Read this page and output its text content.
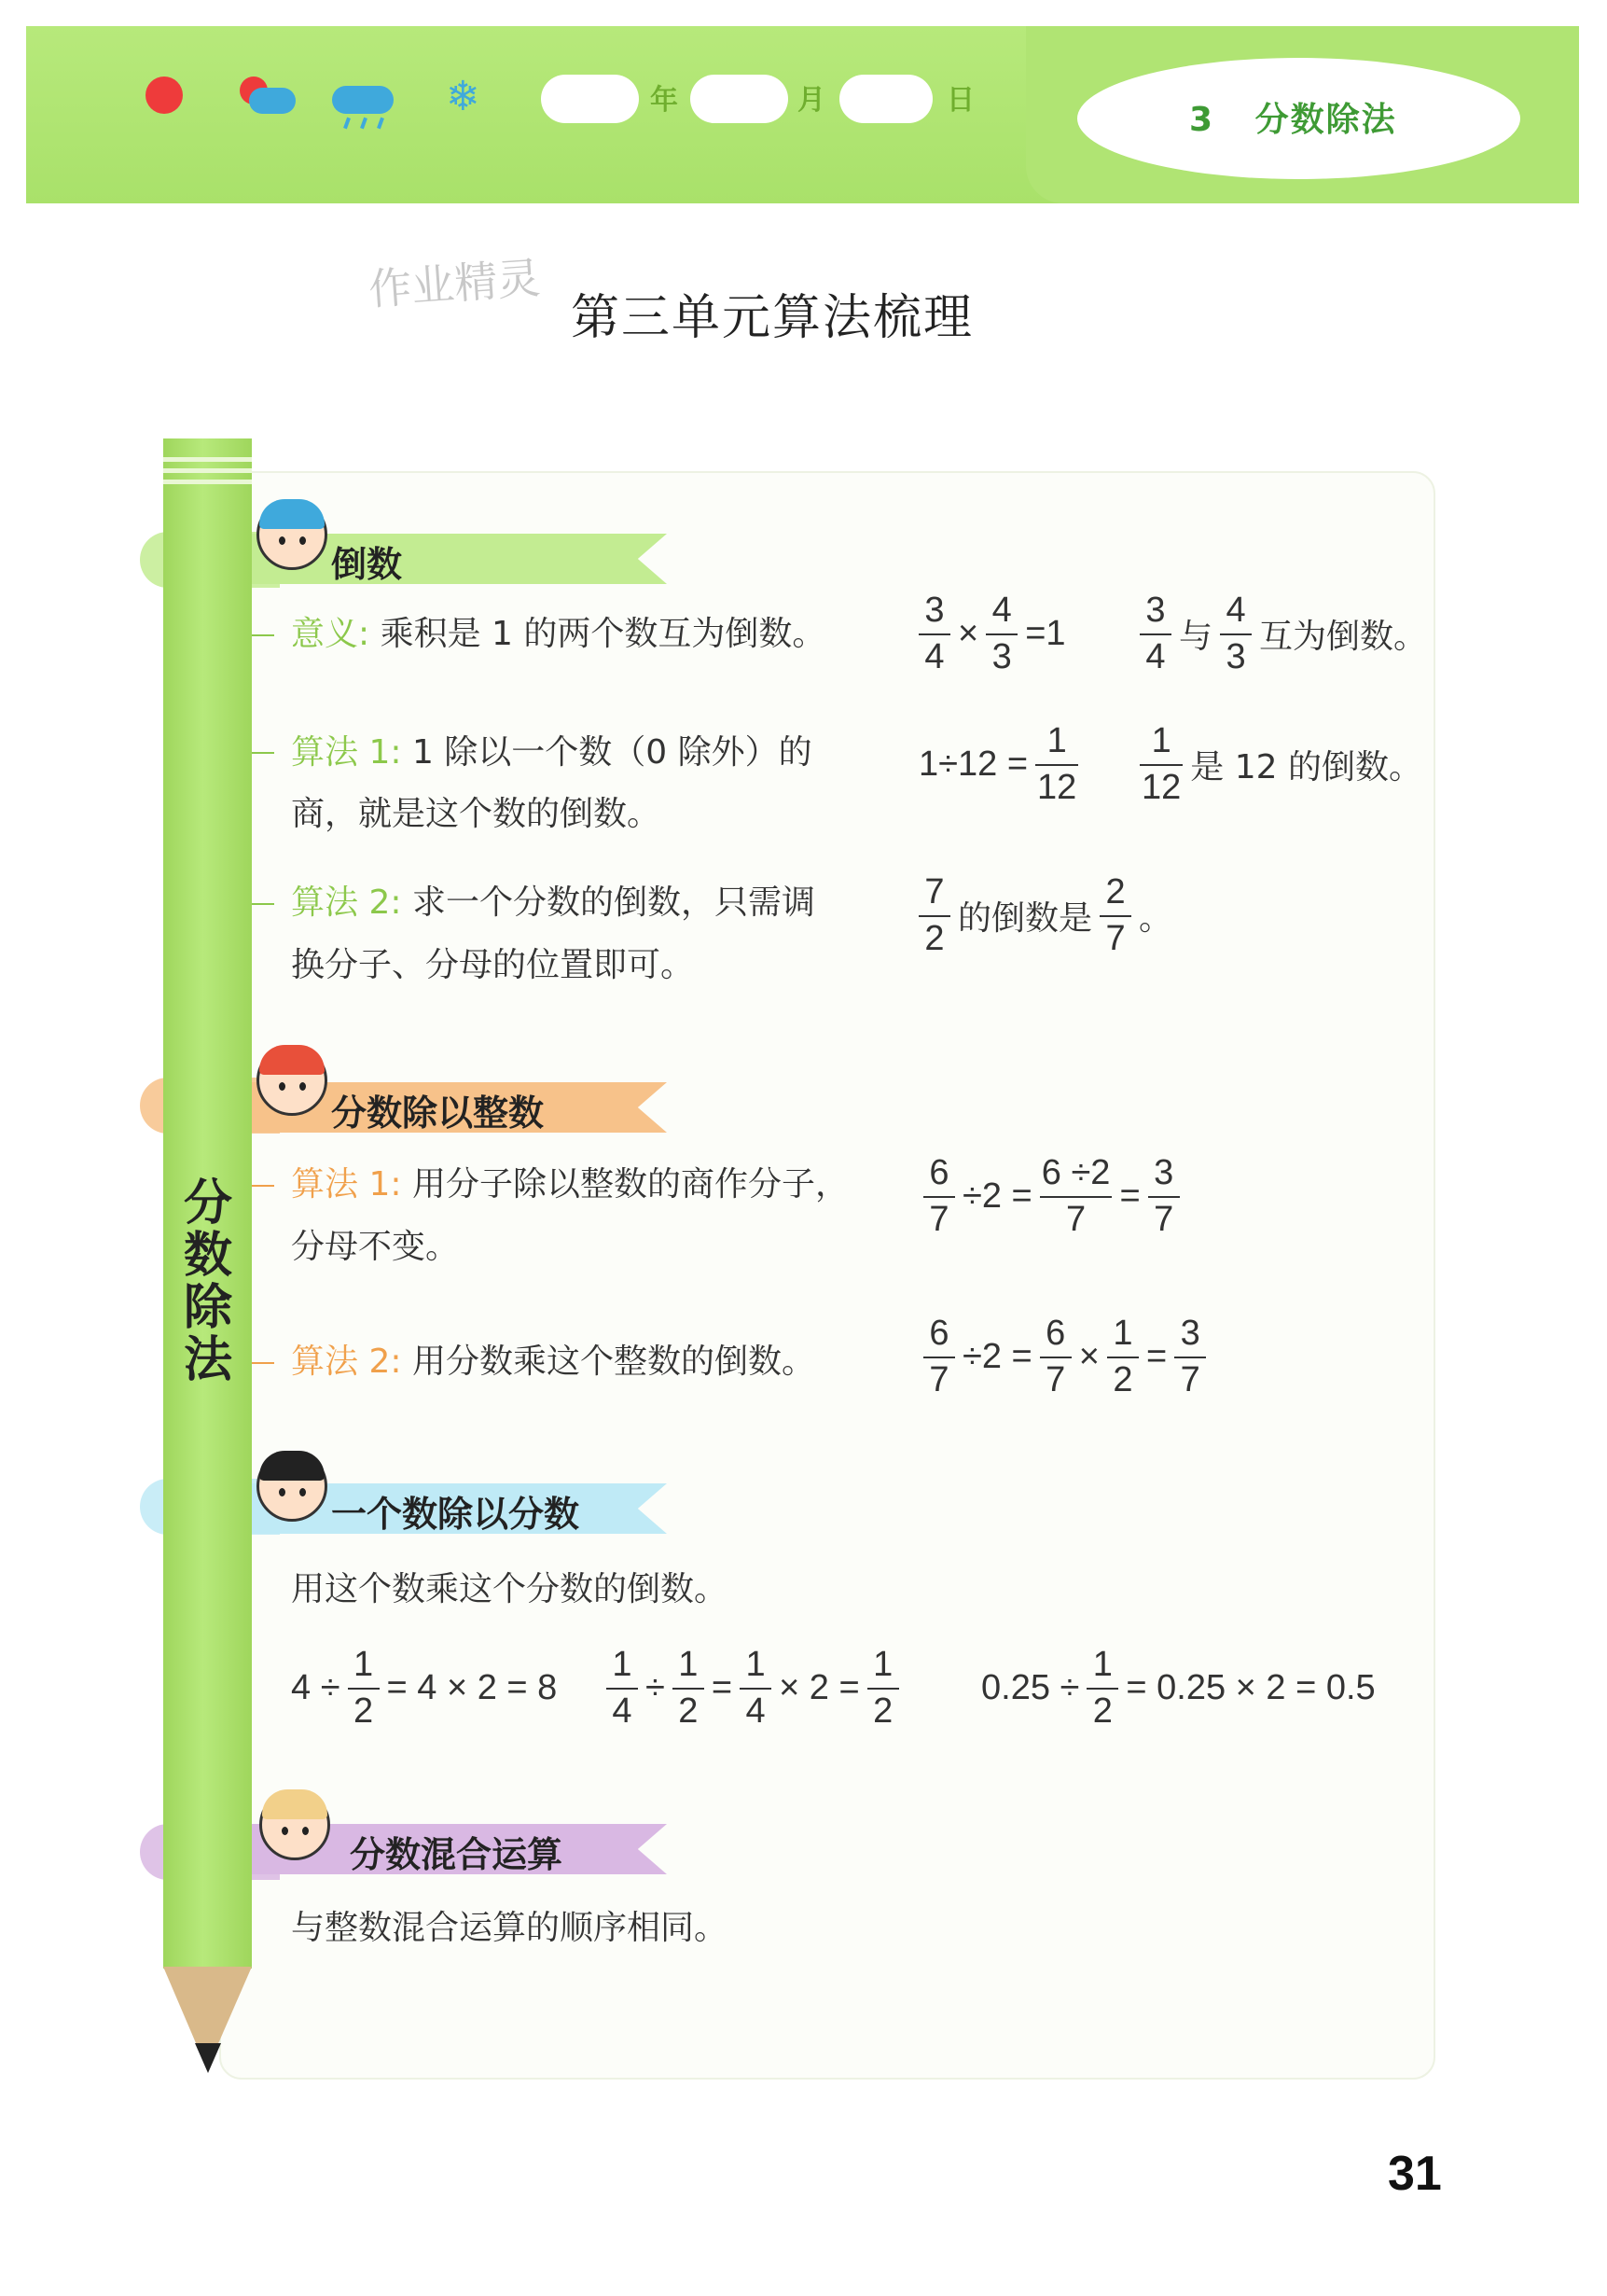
❄	年	月	日
3 分数除法
作业精灵
第三单元算法梳理
分数除法
倒数
意义: 乘积是 1 的两个数互为倒数。	$\frac{3}{4} \times \frac{4}{3} =1 \frac{3}{4}$ 与 $\frac{4}{3}$ 互为倒数。
算法 1: 1 除以一个数（0 除外）的
商，就是这个数的倒数。
$1\div 12 = \frac{1}{12} \frac{1}{12}$ 是 12 的倒数。
算法 2: 求一个分数的倒数，只需调
换分子、分母的位置即可。
$\frac{7}{2}$ 的倒数是 $\frac{2}{7}$ 。
分数除以整数
算法 1: 用分子除以整数的商作分子，
分母不变。
$\frac{6}{7} \div 2 = \frac{6 \div 2}{7} = \frac{3}{7}$
算法 2: 用分数乘这个整数的倒数。	$\frac{6}{7} \div 2 = \frac{6}{7} \times \frac{1}{2} = \frac{3}{7}$
一个数除以分数
用这个数乘这个分数的倒数。
$4 \div \frac{1}{2} = 4 \times 2 = 8 \frac{1}{4} \div \frac{1}{2} = \frac{1}{4} \times 2 = \frac{1}{2} 0.25 \div \frac{1}{2} = 0.25 \times 2 = 0.5$
分数混合运算
与整数混合运算的顺序相同。
31
